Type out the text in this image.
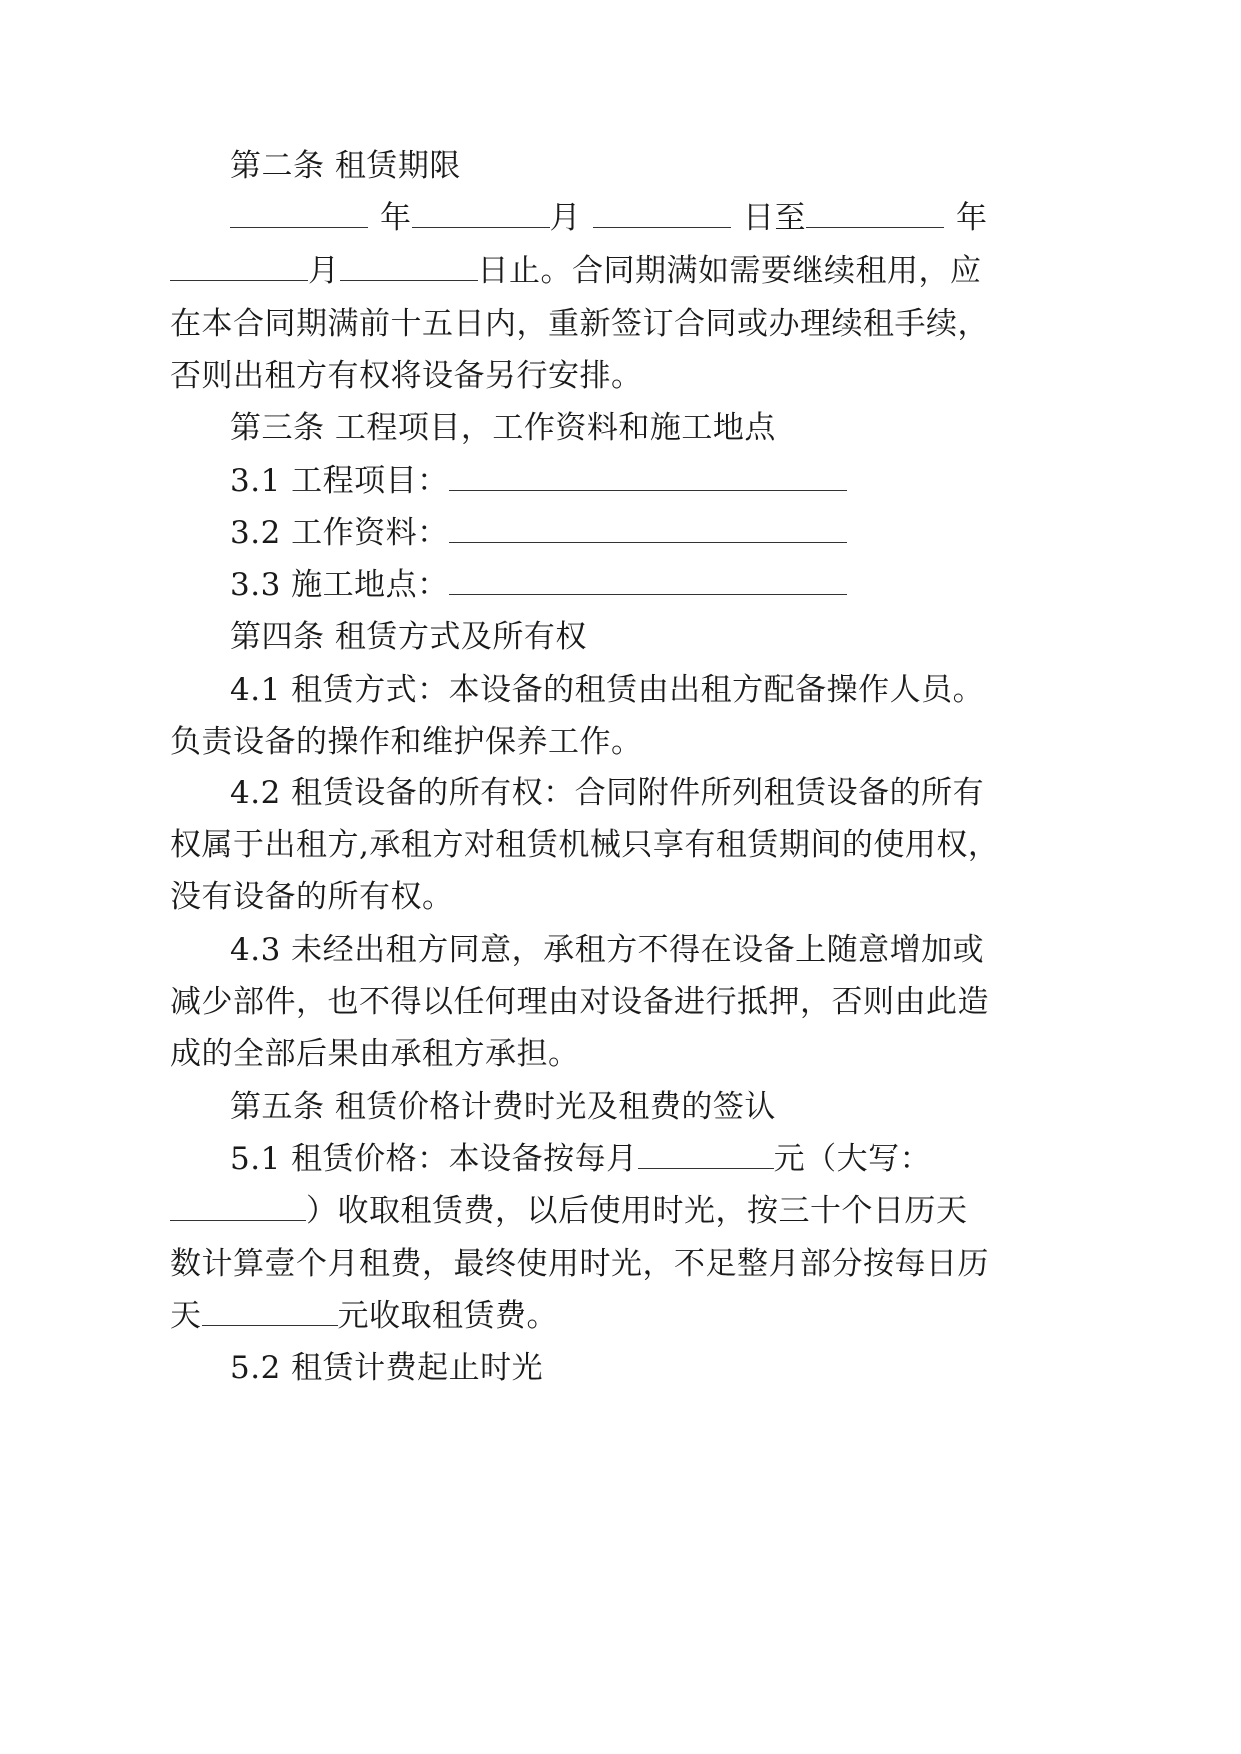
第二条 租赁期限
年	月	日至	年
月	日止。合同期满如需要继续租用，应
在本合同期满前十五日内，重新签订合同或办理续租手续，
否则出租方有权将设备另行安排。
第三条 工程项目，工作资料和施工地点
3.1 工程项目：
3.2 工作资料：
3.3 施工地点：
第四条 租赁方式及所有权
4.1 租赁方式：本设备的租赁由出租方配备操作人员。
负责设备的操作和维护保养工作。
4.2 租赁设备的所有权：合同附件所列租赁设备的所有
权属于出租方,承租方对租赁机械只享有租赁期间的使用权，
没有设备的所有权。
4.3 未经出租方同意，承租方不得在设备上随意增加或
减少部件，也不得以任何理由对设备进行抵押，否则由此造
成的全部后果由承租方承担。
第五条 租赁价格计费时光及租费的签认
5.1 租赁价格：本设备按每月	元（大写：
）收取租赁费，以后使用时光，按三十个日历天
数计算壹个月租费，最终使用时光，不足整月部分按每日历
天	元收取租赁费。
5.2 租赁计费起止时光
